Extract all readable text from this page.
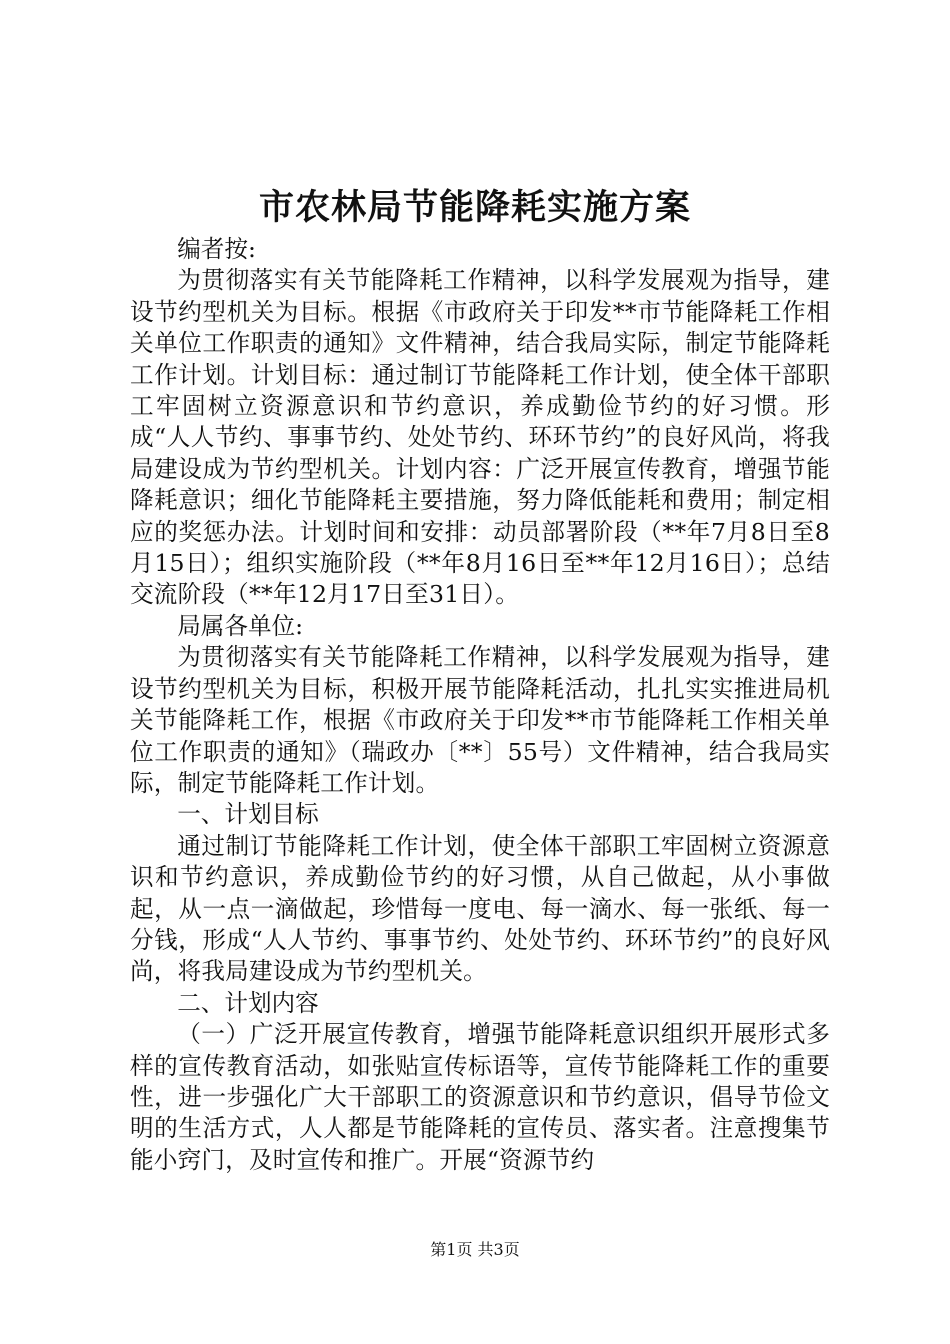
市农林局节能降耗实施方案

编者按:

为贯彻落实有关节能降耗工作精神，以科学发展观为指导，建设节约型机关为目标。根据《市政府关于印发**市节能降耗工作相关单位工作职责的通知》文件精神，结合我局实际，制定节能降耗工作计划。计划目标：通过制订节能降耗工作计划，使全体干部职工牢固树立资源意识和节约意识，养成勤俭节约的好习惯。形成“人人节约、事事节约、处处节约、环环节约”的良好风尚，将我局建设成为节约型机关。计划内容：广泛开展宣传教育，增强节能降耗意识；细化节能降耗主要措施，努力降低能耗和费用；制定相应的奖惩办法。计划时间和安排：动员部署阶段（**年7月8日至8月15日）；组织实施阶段（**年8月16日至**年12月16日）；总结交流阶段（**年12月17日至31日）。

局属各单位:

为贯彻落实有关节能降耗工作精神，以科学发展观为指导，建设节约型机关为目标，积极开展节能降耗活动，扎扎实实推进局机关节能降耗工作，根据《市政府关于印发**市节能降耗工作相关单位工作职责的通知》（瑞政办〔**〕55号）文件精神，结合我局实际，制定节能降耗工作计划。

一、计划目标

通过制订节能降耗工作计划，使全体干部职工牢固树立资源意识和节约意识，养成勤俭节约的好习惯，从自己做起，从小事做起，从一点一滴做起，珍惜每一度电、每一滴水、每一张纸、每一分钱，形成“人人节约、事事节约、处处节约、环环节约”的良好风尚，将我局建设成为节约型机关。

二、计划内容

（一）广泛开展宣传教育，增强节能降耗意识组织开展形式多样的宣传教育活动，如张贴宣传标语等，宣传节能降耗工作的重要性，进一步强化广大干部职工的资源意识和节约意识，倡导节俭文明的生活方式，人人都是节能降耗的宣传员、落实者。注意搜集节能小窍门，及时宣传和推广。开展“资源节约

第1页 共3页
